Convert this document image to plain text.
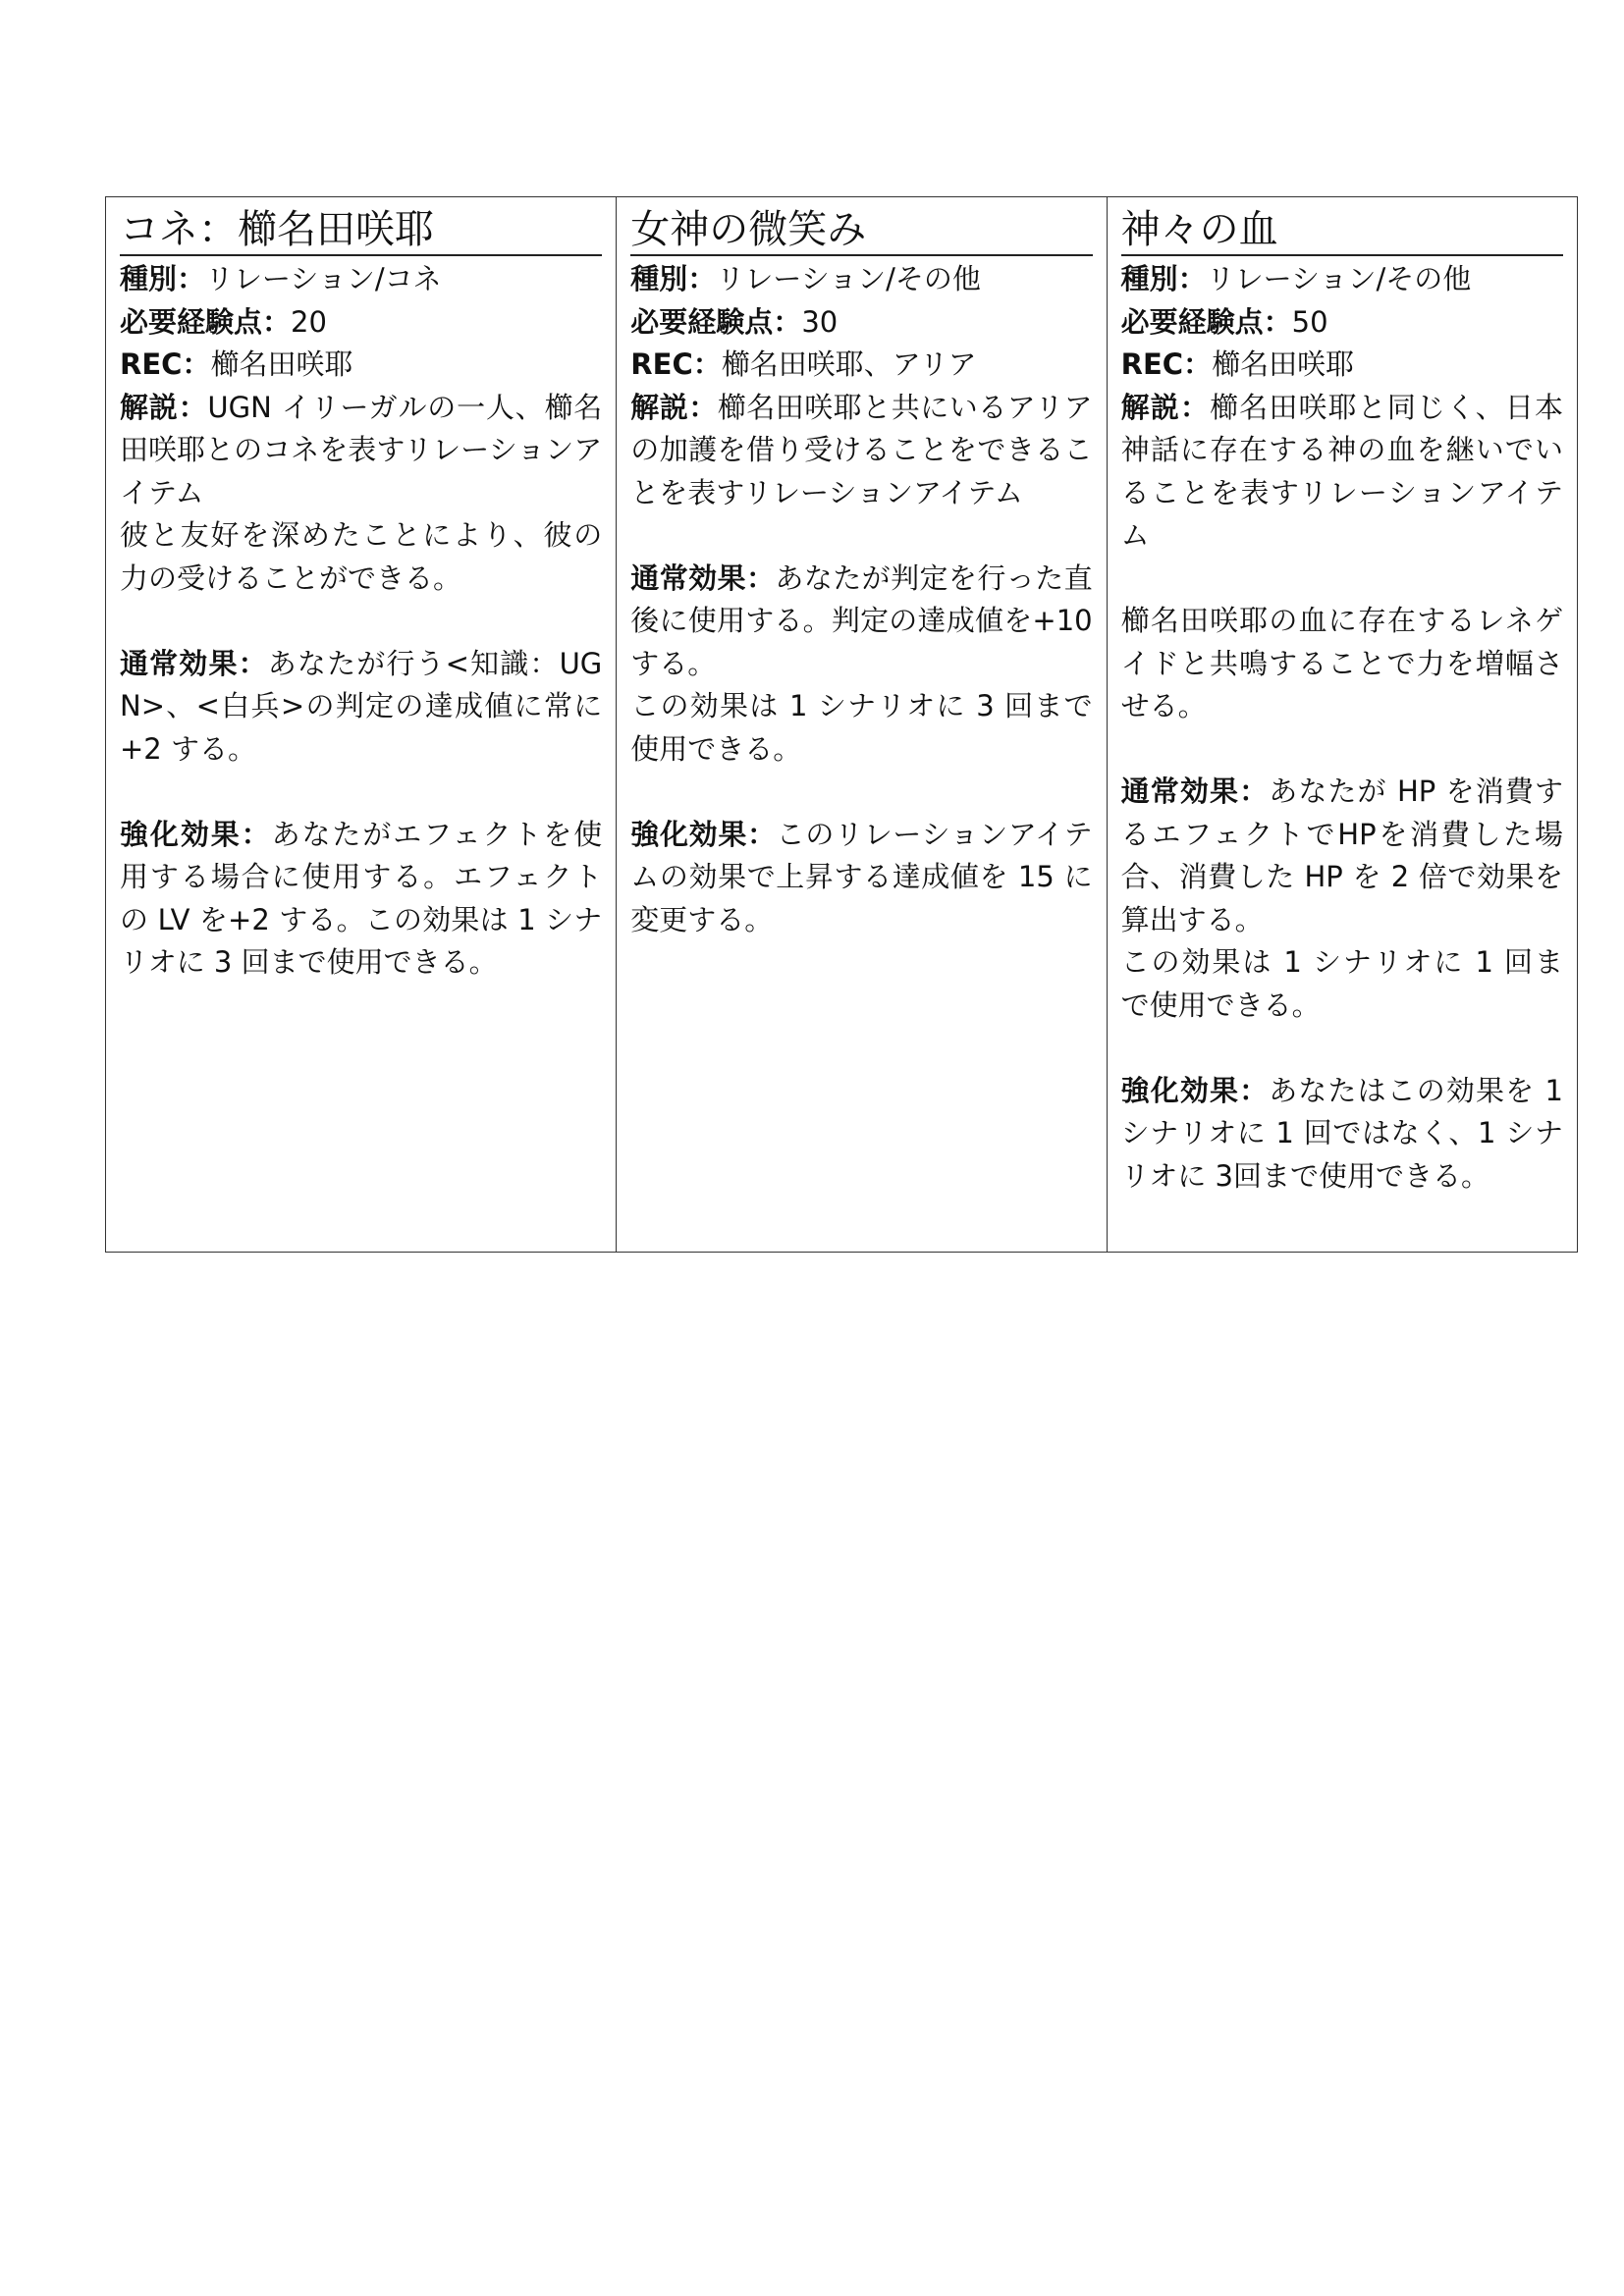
コネ：櫛名田咲耶

種別：リレーション/コネ

必要経験点：20

REC：櫛名田咲耶

解説：UGN イリーガルの一人、櫛名田咲耶とのコネを表すリレーションアイテム

彼と友好を深めたことにより、彼の力の受けることができる。

通常効果：あなたが行う<知識：UGN>、<白兵>の判定の達成値に常に+2 する。

強化効果：あなたがエフェクトを使用する場合に使用する。エフェクトの LV を+2 する。この効果は 1 シナリオに 3 回まで使用できる。

女神の微笑み

種別：リレーション/その他

必要経験点：30

REC：櫛名田咲耶、アリア

解説：櫛名田咲耶と共にいるアリアの加護を借り受けることをできることを表すリレーションアイテム

通常効果：あなたが判定を行った直後に使用する。判定の達成値を+10 する。

この効果は 1 シナリオに 3 回まで使用できる。

強化効果：このリレーションアイテムの効果で上昇する達成値を 15 に変更する。

神々の血

種別：リレーション/その他

必要経験点：50

REC：櫛名田咲耶

解説：櫛名田咲耶と同じく、日本神話に存在する神の血を継いでいることを表すリレーションアイテム

櫛名田咲耶の血に存在するレネゲイドと共鳴することで力を増幅させる。

通常効果：あなたが HP を消費するエフェクトでHPを消費した場合、消費した HP を 2 倍で効果を算出する。

この効果は 1 シナリオに 1 回まで使用できる。

強化効果：あなたはこの効果を 1 シナリオに 1 回ではなく、1 シナリオに 3回まで使用できる。
